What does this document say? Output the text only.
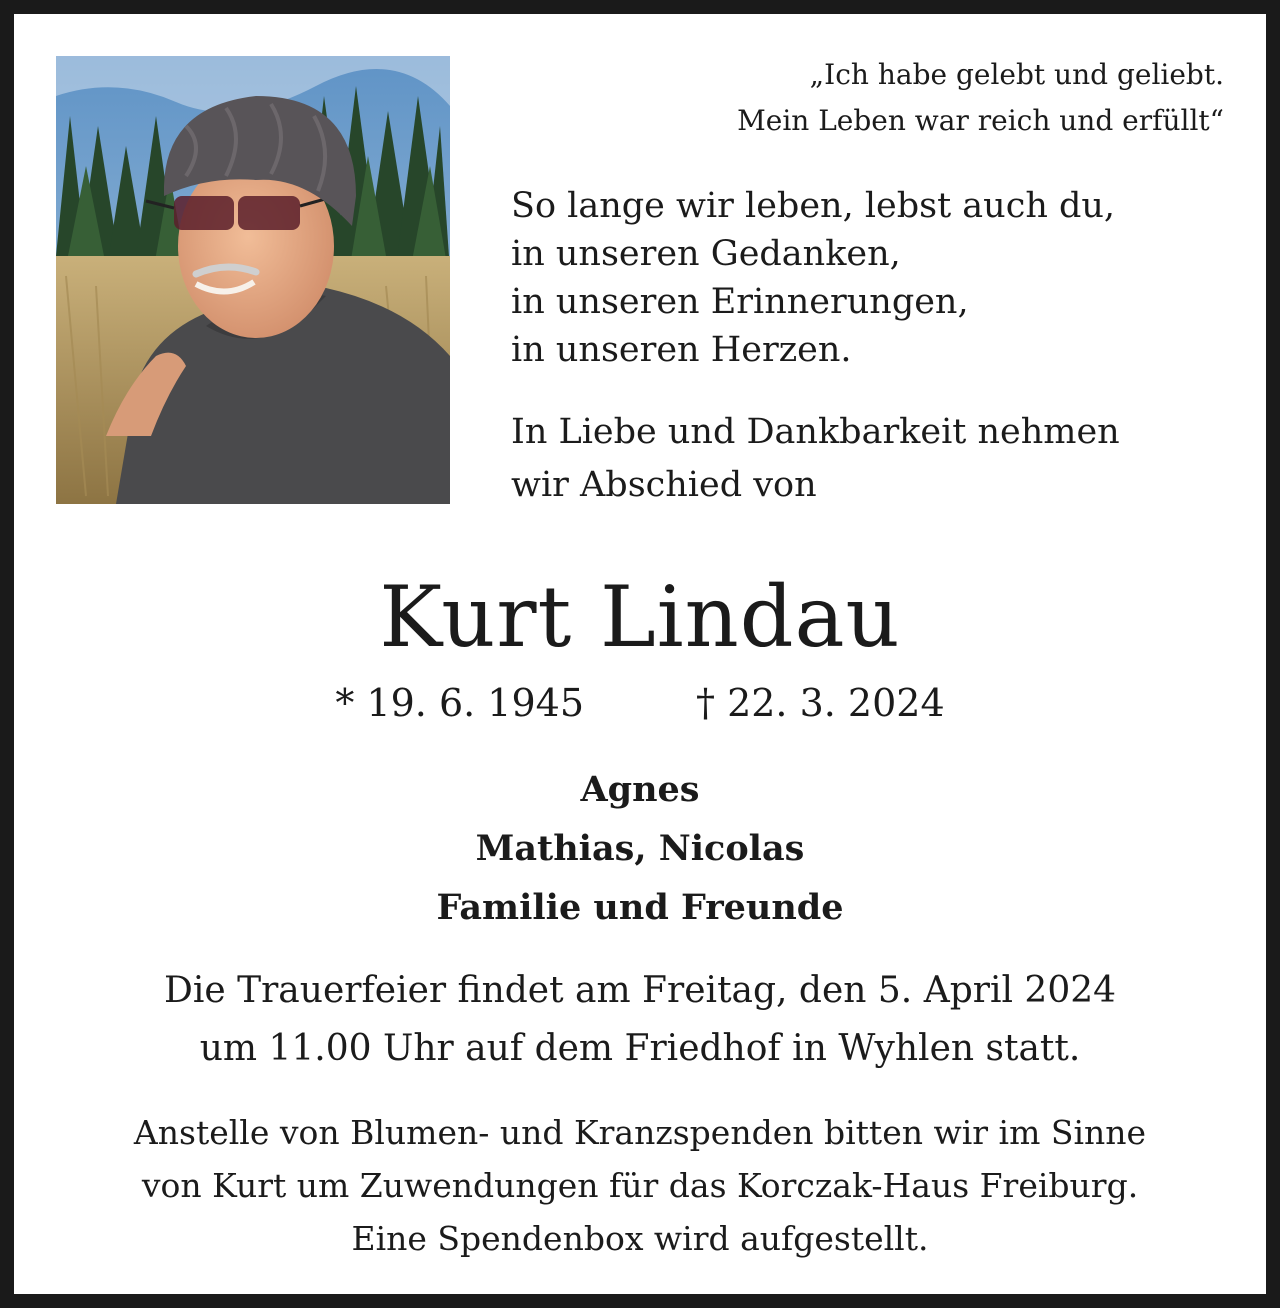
„Ich habe gelebt und geliebt.
Mein Leben war reich und erfüllt“

So lange wir leben, lebst auch du,
in unseren Gedanken,
in unseren Erinnerungen,
in unseren Herzen.

In Liebe und Dankbarkeit nehmen
wir Abschied von

Kurt Lindau
* 19. 6. 1945	† 22. 3. 2024
Agnes
Mathias, Nicolas
Familie und Freunde
Die Trauerfeier findet am Freitag, den 5. April 2024
um 11.00 Uhr auf dem Friedhof in Wyhlen statt.
Anstelle von Blumen- und Kranzspenden bitten wir im Sinne
von Kurt um Zuwendungen für das Korczak-Haus Freiburg.
Eine Spendenbox wird aufgestellt.
